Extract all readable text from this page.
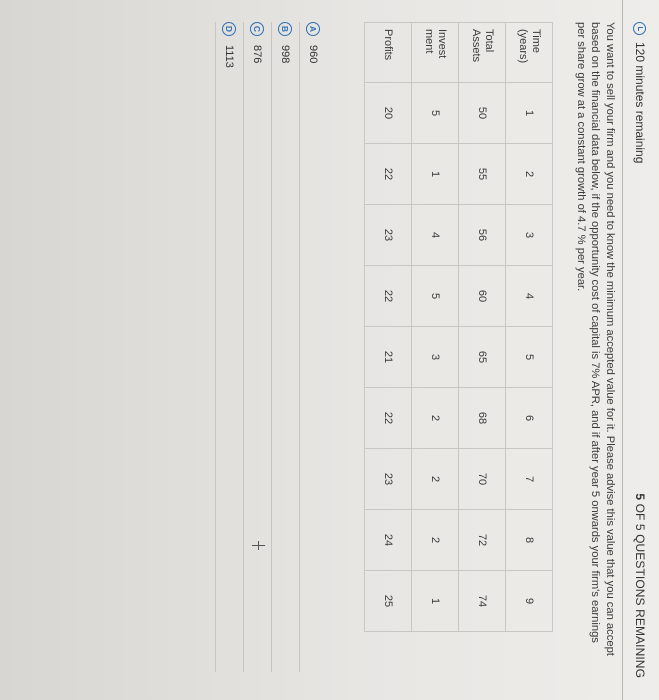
120 minutes remaining
5 OF 5 QUESTIONS REMAINING
You want to sell your firm and you need to know the minimum accepted value for it. Please advise this value that you can accept based on the financial data below, if the opportunity cost of capital is 7% APR, and if after year 5 onwards your firm's earnings per share grow at a constant growth of 4.7 % per year.
Time (years)	1	2	3	4	5	6	7	8	9
Total Assets	50	55	56	60	65	68	70	72	74
Invest ment	5	1	4	5	3	2	2	2	1
Profits	20	22	23	22	21	22	23	24	25
A
960
B
998
C
876
D
1113
